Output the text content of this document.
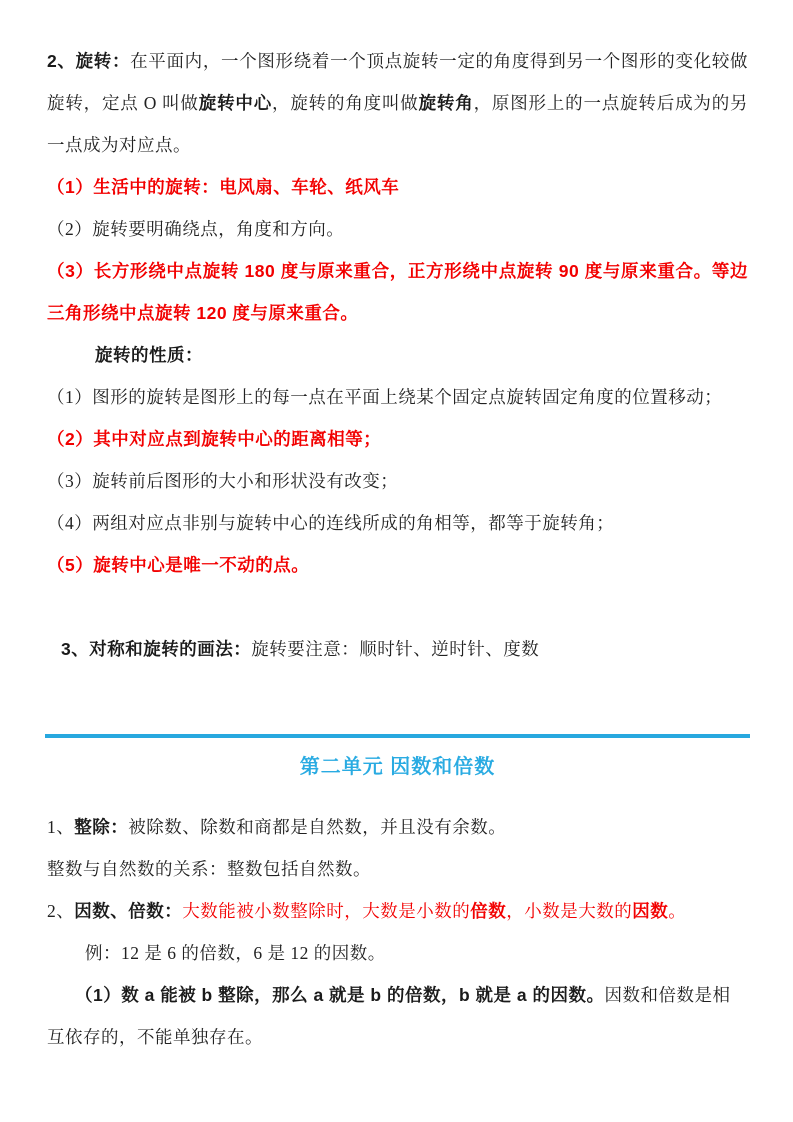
2、旋转：在平面内，一个图形绕着一个顶点旋转一定的角度得到另一个图形的变化较做旋转，定点 O 叫做旋转中心，旋转的角度叫做旋转角，原图形上的一点旋转后成为的另一点成为对应点。

（1）生活中的旋转：电风扇、车轮、纸风车

（2）旋转要明确绕点，角度和方向。

（3）长方形绕中点旋转 180 度与原来重合，正方形绕中点旋转 90 度与原来重合。等边三角形绕中点旋转 120 度与原来重合。

旋转的性质：

（1）图形的旋转是图形上的每一点在平面上绕某个固定点旋转固定角度的位置移动；

（2）其中对应点到旋转中心的距离相等；

（3）旋转前后图形的大小和形状没有改变；

（4）两组对应点非别与旋转中心的连线所成的角相等，都等于旋转角；

（5）旋转中心是唯一不动的点。

3、对称和旋转的画法：旋转要注意：顺时针、逆时针、度数

第二单元 因数和倍数

1、整除：被除数、除数和商都是自然数，并且没有余数。

整数与自然数的关系：整数包括自然数。

2、因数、倍数：大数能被小数整除时，大数是小数的倍数，小数是大数的因数。

例：12 是 6 的倍数，6 是 12 的因数。

（1）数 a 能被 b 整除，那么 a 就是 b 的倍数，b 就是 a 的因数。因数和倍数是相互依存的，不能单独存在。
